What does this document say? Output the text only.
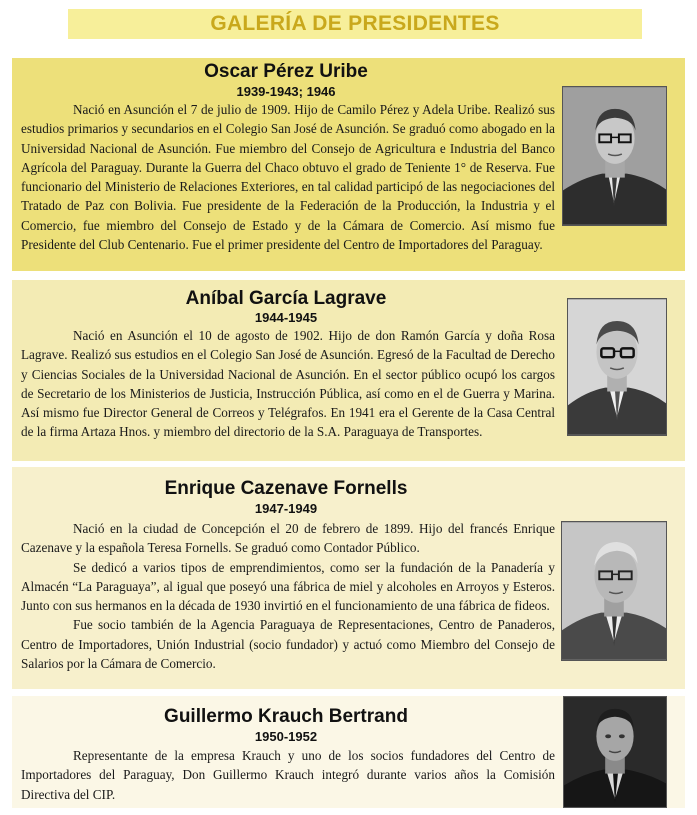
GALERÍA DE PRESIDENTES
Oscar Pérez Uribe
1939-1943; 1946

Nació en Asunción el 7 de julio de 1909. Hijo de Camilo Pérez y Adela Uribe. Realizó sus estudios primarios y secundarios en el Colegio San José de Asunción. Se graduó como abogado en la Universidad Nacional de Asunción. Fue miembro del Consejo de Agricultura e Industria del Banco Agrícola del Paraguay. Durante la Guerra del Chaco obtuvo el grado de Teniente 1° de Reserva. Fue funcionario del Ministerio de Relaciones Exteriores, en tal calidad participó de las negociaciones del Tratado de Paz con Bolivia. Fue presidente de la Federación de la Producción, la Industria y el Comercio, fue miembro del Consejo de Estado y de la Cámara de Comercio. Así mismo fue Presidente del Club Centenario. Fue el primer presidente del Centro de Importadores del Paraguay.

Aníbal García Lagrave
1944-1945

Nació en Asunción el 10 de agosto de 1902. Hijo de don Ramón García y doña Rosa Lagrave. Realizó sus estudios en el Colegio San José de Asunción. Egresó de la Facultad de Derecho y Ciencias Sociales de la Universidad Nacional de Asunción. En el sector público ocupó los cargos de Secretario de los Ministerios de Justicia, Instrucción Pública, así como en el de Guerra y Marina. Así mismo fue Director General de Correos y Telégrafos. En 1941 era el Gerente de la Casa Central de la firma Artaza Hnos. y miembro del directorio de la S.A. Paraguaya de Transportes.

Enrique Cazenave Fornells
1947-1949

Nació en la ciudad de Concepción el 20 de febrero de 1899. Hijo del francés Enrique Cazenave y la española Teresa Fornells. Se graduó como Contador Público.

Se dedicó a varios tipos de emprendimientos, como ser la fundación de la Panadería y Almacén “La Paraguaya”, al igual que poseyó una fábrica de miel y alcoholes en Arroyos y Esteros. Junto con sus hermanos en la década de 1930 invirtió en el funcionamiento de una fábrica de fideos.

Fue socio también de la Agencia Paraguaya de Representaciones, Centro de Panaderos, Centro de Importadores, Unión Industrial (socio fundador) y actuó como Miembro del Consejo de Salarios por la Cámara de Comercio.

Guillermo Krauch Bertrand
1950-1952

Representante de la empresa Krauch y uno de los socios fundadores del Centro de Importadores del Paraguay, Don Guillermo Krauch integró durante varios años la Comisión Directiva del CIP.
